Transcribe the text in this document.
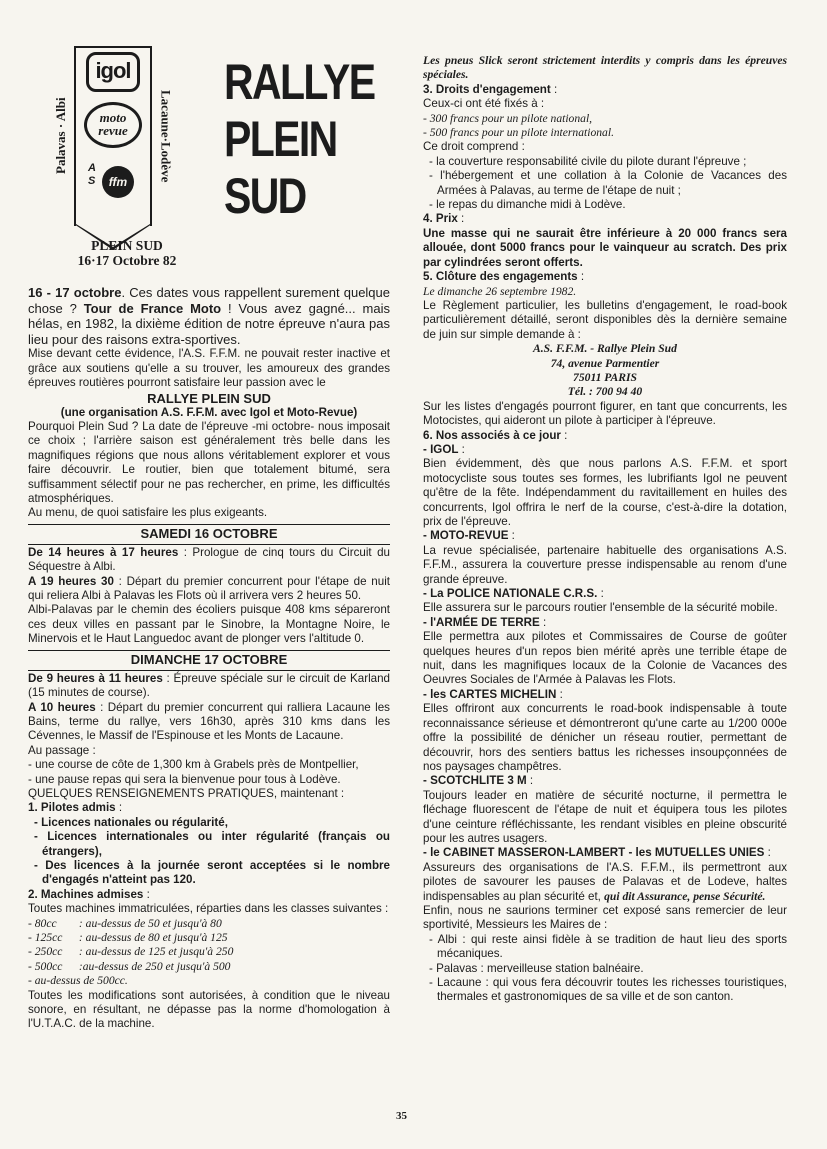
Palavas · Albi
igol
moto
revue
A S	ffm	Lacaune·Lodève
PLEIN SUD
16·17 Octobre 82
RALLYE
PLEIN
SUD

16 - 17 octobre. Ces dates vous rappellent surement quelque chose ? Tour de France Moto ! Vous avez gagné... mais hélas, en 1982, la dixième édition de notre épreuve n'aura pas lieu pour des raisons extra-sportives.

Mise devant cette évidence, l'A.S. F.F.M. ne pouvait rester inactive et grâce aux soutiens qu'elle a su trouver, les amoureux des grandes épreuves routières pourront satisfaire leur passion avec le

RALLYE PLEIN SUD

(une organisation A.S. F.F.M. avec Igol et Moto-Revue)

Pourquoi Plein Sud ? La date de l'épreuve -mi octobre- nous imposait ce choix ; l'arrière saison est généralement très belle dans les magnifiques régions que nous allons véritablement explorer et vous faire découvrir. Le routier, bien que totalement bitumé, sera suffisamment sélectif pour ne pas rechercher, en prime, les difficultés atmosphériques.

Au menu, de quoi satisfaire les plus exigeants.

SAMEDI 16 OCTOBRE

De 14 heures à 17 heures : Prologue de cinq tours du Circuit du Séquestre à Albi.

A 19 heures 30 : Départ du premier concurrent pour l'étape de nuit qui reliera Albi à Palavas les Flots où il arrivera vers 2 heures 50.

Albi-Palavas par le chemin des écoliers puisque 408 kms sépareront ces deux villes en passant par le Sinobre, la Montagne Noire, le Minervois et le Haut Languedoc avant de plonger vers l'altitude 0.

DIMANCHE 17 OCTOBRE

De 9 heures à 11 heures : Épreuve spéciale sur le circuit de Karland (15 minutes de course).

A 10 heures : Départ du premier concurrent qui ralliera Lacaune les Bains, terme du rallye, vers 16h30, après 310 kms dans les Cévennes, le Massif de l'Espinouse et les Monts de Lacaune.

Au passage :

- une course de côte de 1,300 km à Grabels près de Montpellier,

- une pause repas qui sera la bienvenue pour tous à Lodève.

QUELQUES RENSEIGNEMENTS PRATIQUES, maintenant :

1. Pilotes admis :

- Licences nationales ou régularité,

- Licences internationales ou inter régularité (français ou étrangers),

- Des licences à la journée seront acceptées si le nombre d'engagés n'atteint pas 120.

2. Machines admises :

Toutes machines immatriculées, réparties dans les classes suivantes :

- 80cc : au-dessus de 50 et jusqu'à 80

- 125cc : au-dessus de 80 et jusqu'à 125

- 250cc : au-dessus de 125 et jusqu'à 250

- 500cc :au-dessus de 250 et jusqu'à 500

- au-dessus de 500cc.

Toutes les modifications sont autorisées, à condition que le niveau sonore, en résultant, ne dépasse pas la norme d'homologation à l'U.T.A.C. de la machine.

Les pneus Slick seront strictement interdits y compris dans les épreuves spéciales.

3. Droits d'engagement :

Ceux-ci ont été fixés à :

- 300 francs pour un pilote national,

- 500 francs pour un pilote international.

Ce droit comprend :

- la couverture responsabilité civile du pilote durant l'épreuve ;

- l'hébergement et une collation à la Colonie de Vacances des Armées à Palavas, au terme de l'étape de nuit ;

- le repas du dimanche midi à Lodève.

4. Prix :

Une masse qui ne saurait être inférieure à 20 000 francs sera allouée, dont 5000 francs pour le vainqueur au scratch. Des prix par cylindrées seront offerts.

5. Clôture des engagements :

Le dimanche 26 septembre 1982.

Le Règlement particulier, les bulletins d'engagement, le road-book particulièrement détaillé, seront disponibles dès la dernière semaine de juin sur simple demande à :

A.S. F.F.M. - Rallye Plein Sud
74, avenue Parmentier
75011 PARIS
Tél. : 700 94 40

Sur les listes d'engagés pourront figurer, en tant que concurrents, les Motocistes, qui aideront un pilote à participer à l'épreuve.

6. Nos associés à ce jour :

- IGOL :

Bien évidemment, dès que nous parlons A.S. F.F.M. et sport motocycliste sous toutes ses formes, les lubrifiants Igol ne peuvent qu'être de la fête. Indépendamment du ravitaillement en huiles des concurrents, Igol offrira le nerf de la course, c'est-à-dire la dotation, prix de l'épreuve.

- MOTO-REVUE :

La revue spécialisée, partenaire habituelle des organisations A.S. F.F.M., assurera la couverture presse indispensable au renom d'une grande épreuve.

- La POLICE NATIONALE C.R.S. :

Elle assurera sur le parcours routier l'ensemble de la sécurité mobile.

- l'ARMÉE DE TERRE :

Elle permettra aux pilotes et Commissaires de Course de goûter quelques heures d'un repos bien mérité après une terrible étape de nuit, dans les magnifiques locaux de la Colonie de Vacances des Oeuvres Sociales de l'Armée à Palavas les Flots.

- les CARTES MICHELIN :

Elles offriront aux concurrents le road-book indispensable à toute reconnaissance sérieuse et démontreront qu'une carte au 1/200 000e offre la possibilité de dénicher un réseau routier, permettant de découvrir, hors des sentiers battus les richesses insoupçonnées de nos paysages champêtres.

- SCOTCHLITE 3 M :

Toujours leader en matière de sécurité nocturne, il permettra le fléchage fluorescent de l'étape de nuit et équipera tous les pilotes d'une ceinture réfléchissante, les rendant visibles en pleine obscurité pour les autres usagers.

- le CABINET MASSERON-LAMBERT - les MUTUELLES UNIES :

Assureurs des organisations de l'A.S. F.F.M., ils permettront aux pilotes de savourer les pauses de Palavas et de Lodeve, haltes indispensables au plan sécurité et, qui dit Assurance, pense Sécurité.

Enfin, nous ne saurions terminer cet exposé sans remercier de leur sportivité, Messieurs les Maires de :

- Albi : qui reste ainsi fidèle à se tradition de haut lieu des sports mécaniques.

- Palavas : merveilleuse station balnéaire.

- Lacaune : qui vous fera découvrir toutes les richesses touristiques, thermales et gastronomiques de sa ville et de son canton.

35
